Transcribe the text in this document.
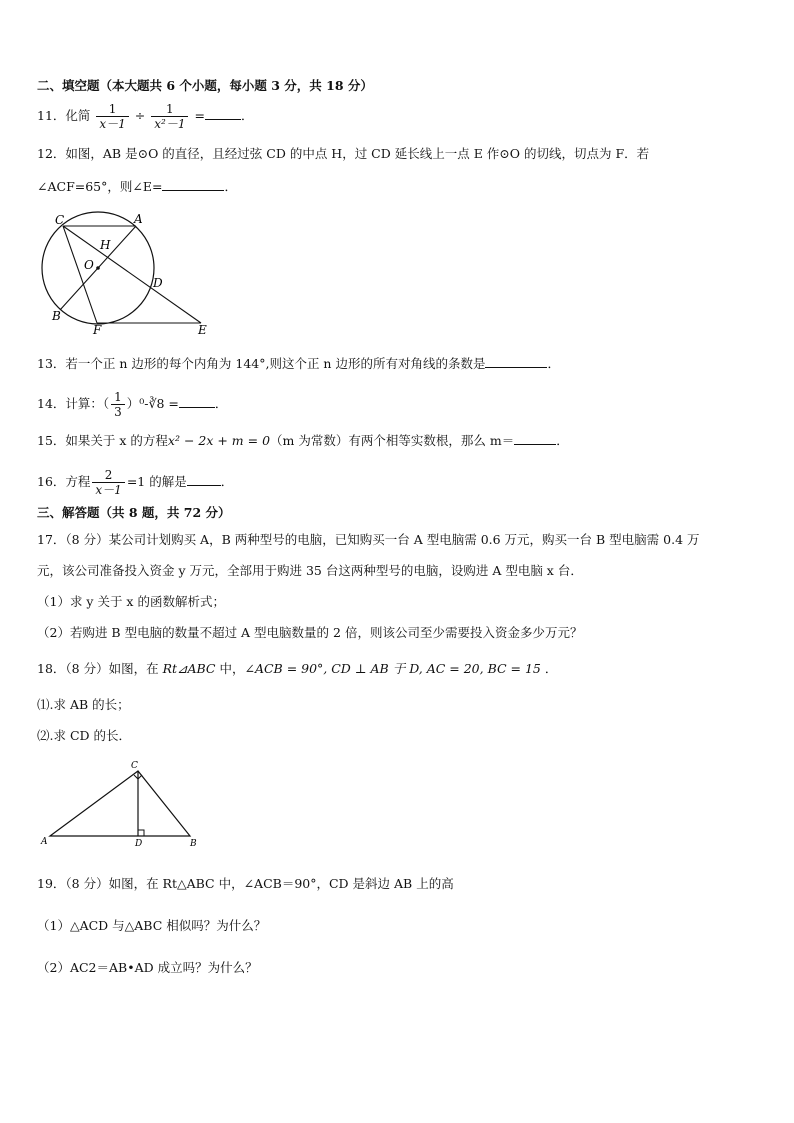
二、填空题（本大题共 6 个小题，每小题 3 分，共 18 分）
11．化简 $\frac{1}{x-1} \div \frac{1}{\text{x²－1}}$ =	．
12．如图，AB 是⊙O 的直径，且经过弦 CD 的中点 H，过 CD 延长线上一点 E 作⊙O 的切线，切点为 F．若
∠ACF=65°，则∠E=	．
C	A
H
O
D
B
F	E
13．若一个正 n 边形的每个内角为 144°,则这个正 n 边形的所有对角线的条数是	．
14．计算：（ $\frac{1}{3}$ ）⁰-∛8 =	．
15．如果关于 x 的方程x² − 2x + m = 0（m 为常数）有两个相等实数根，那么 m＝	．
16．方程 $\frac{2}{x-1} =1$ 的解是	．
三、解答题（共 8 题，共 72 分）
17．（8 分）某公司计划购买 A，B 两种型号的电脑，已知购买一台 A 型电脑需 0.6 万元，购买一台 B 型电脑需 0.4 万
元，该公司准备投入资金 y 万元，全部用于购进 35 台这两种型号的电脑，设购进 A 型电脑 x 台．
（1）求 y 关于 x 的函数解析式；
（2）若购进 B 型电脑的数量不超过 A 型电脑数量的 2 倍，则该公司至少需要投入资金多少万元？
18．（8 分）如图，在 Rt⊿ABC 中，∠ACB = 90°, CD ⊥ AB 于 D, AC = 20, BC = 15 ．
⑴.求 AB 的长；
⑵.求 CD 的长．
C
A	D	B
19．（8 分）如图，在 Rt△ABC 中，∠ACB＝90°，CD 是斜边 AB 上的高
（1）△ACD 与△ABC 相似吗？为什么？
（2）AC2＝AB•AD 成立吗？为什么？
